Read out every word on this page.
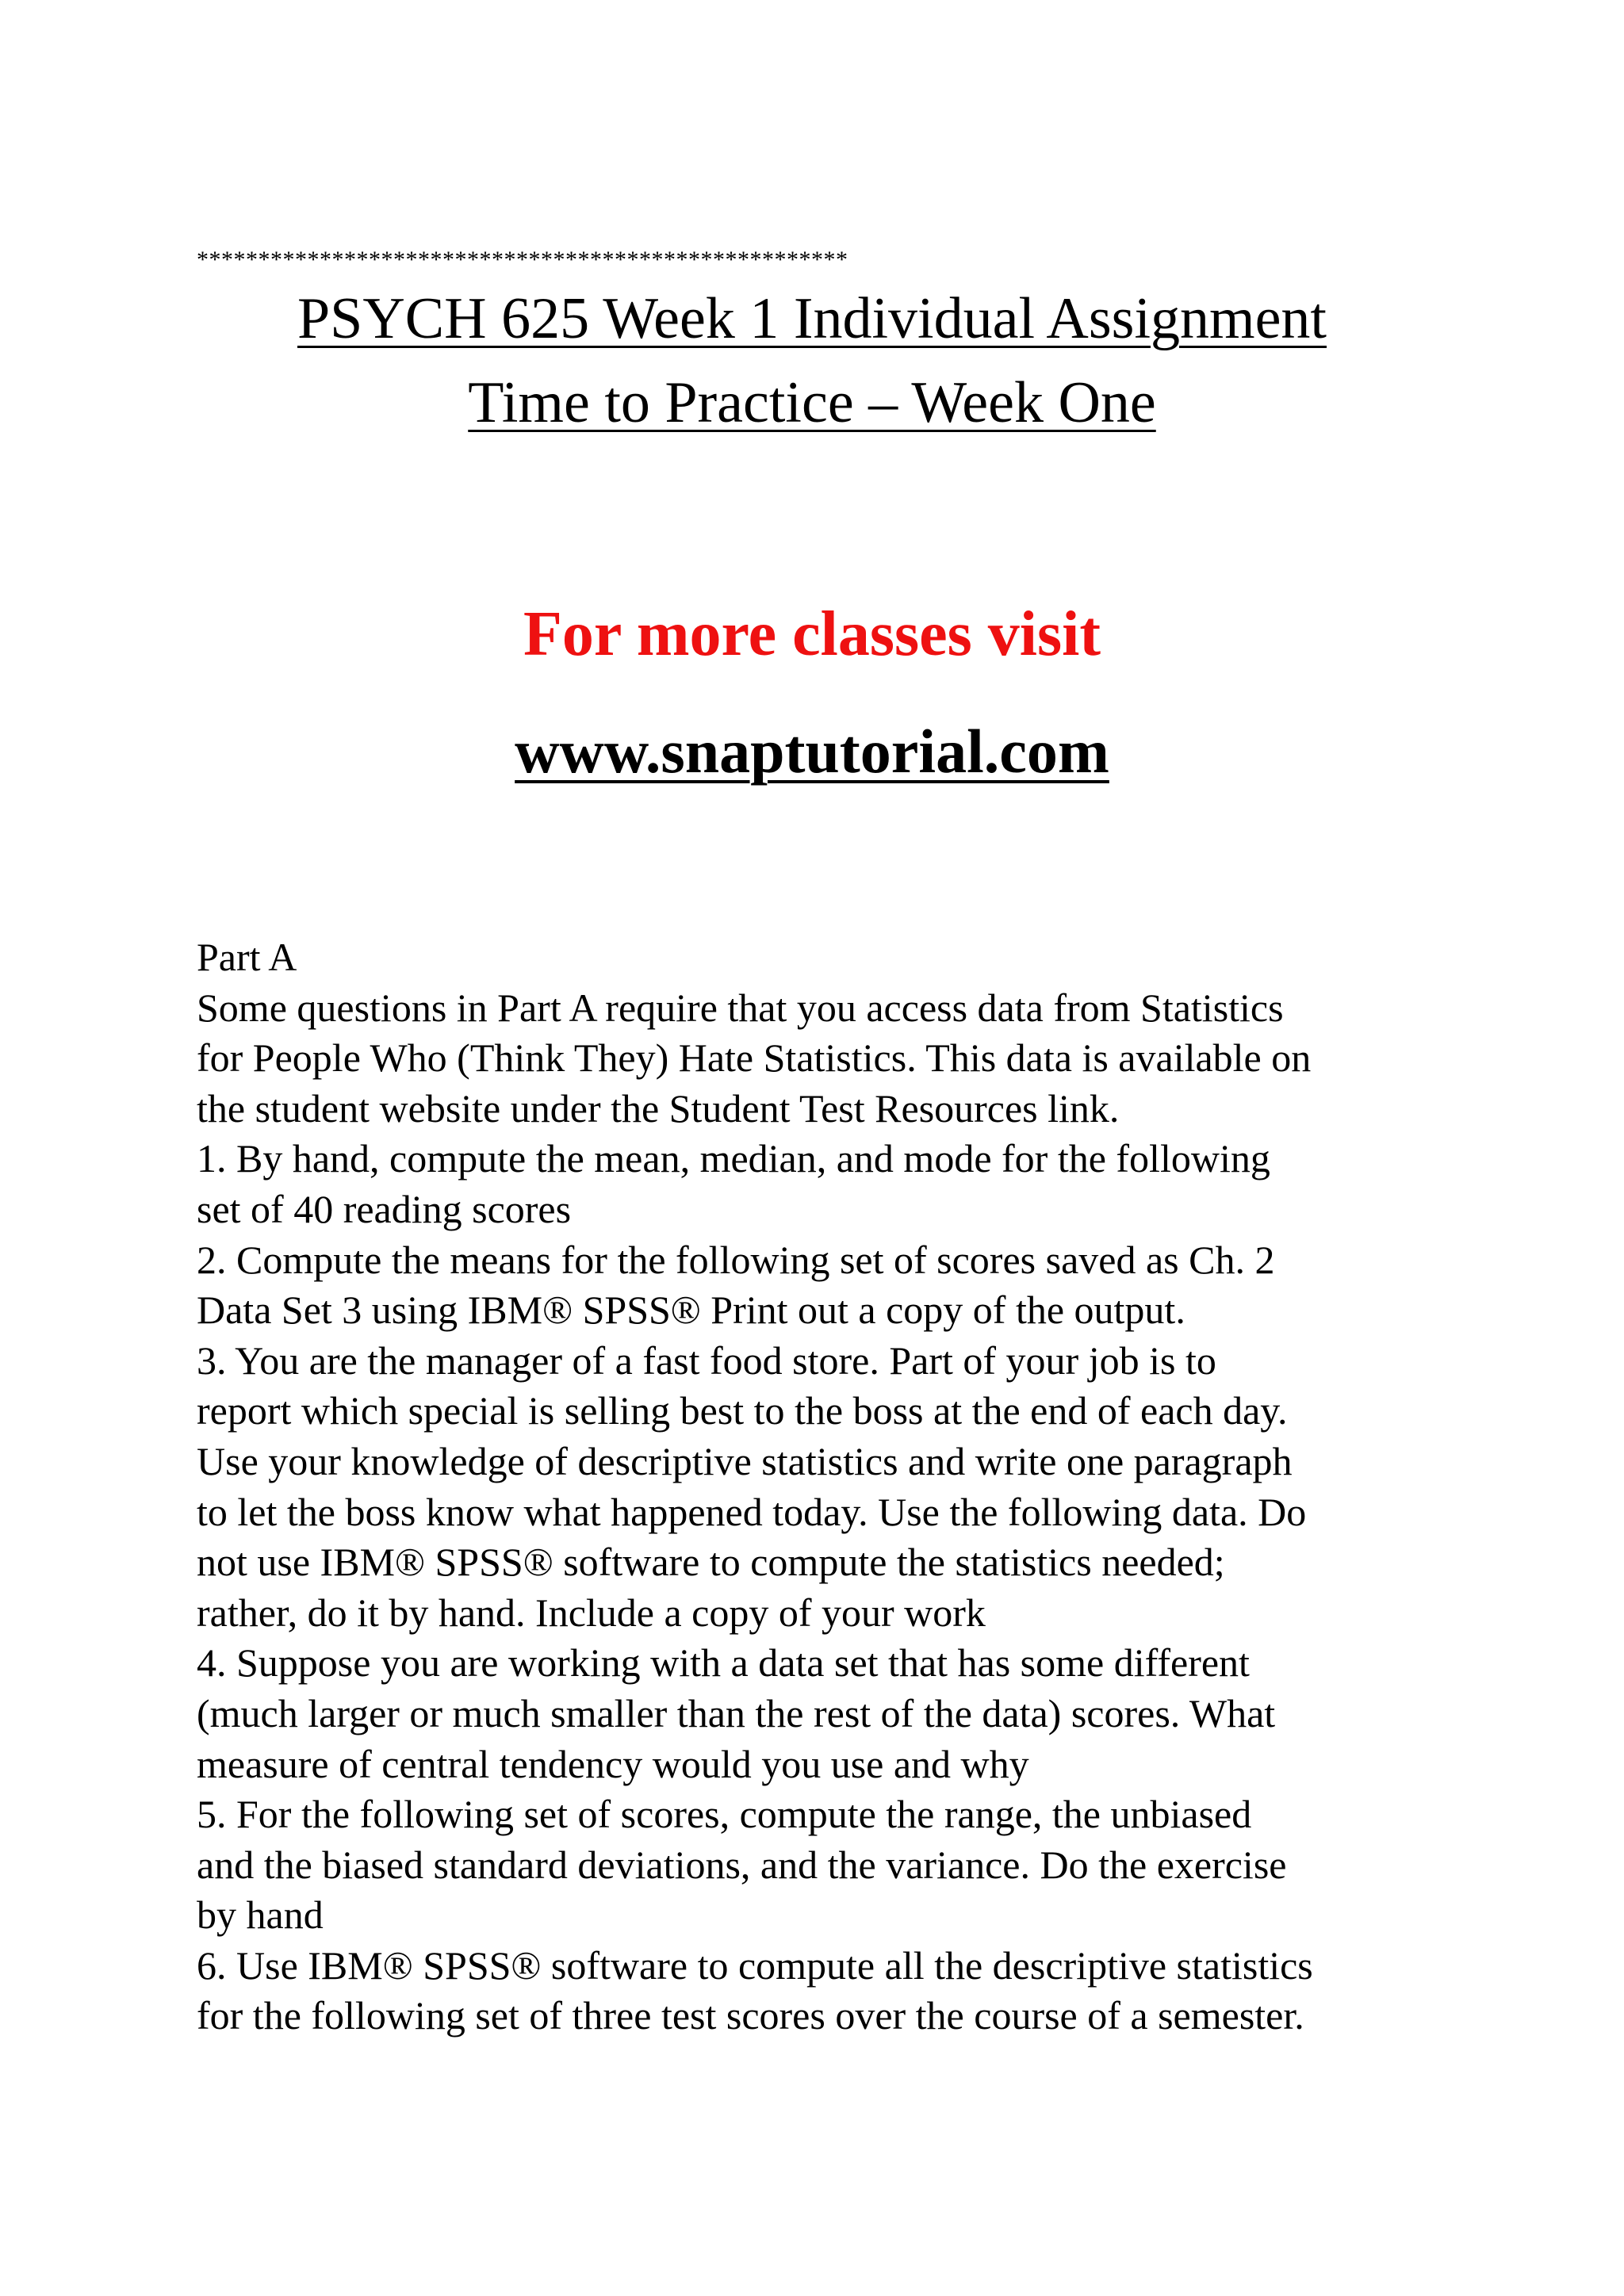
*****************************************************
PSYCH 625 Week 1 Individual Assignment
Time to Practice – Week One
For more classes visit
www.snaptutorial.com
Part A
Some questions in Part A require that you access data from Statistics
for People Who (Think They) Hate Statistics. This data is available on
the student website under the Student Test Resources link.
1. By hand, compute the mean, median, and mode for the following
set of 40 reading scores
2. Compute the means for the following set of scores saved as Ch. 2
Data Set 3 using IBM® SPSS® Print out a copy of the output.
3. You are the manager of a fast food store. Part of your job is to
report which special is selling best to the boss at the end of each day.
Use your knowledge of descriptive statistics and write one paragraph
to let the boss know what happened today. Use the following data. Do
not use IBM® SPSS® software to compute the statistics needed;
rather, do it by hand. Include a copy of your work
4. Suppose you are working with a data set that has some different
(much larger or much smaller than the rest of the data) scores. What
measure of central tendency would you use and why
5. For the following set of scores, compute the range, the unbiased
and the biased standard deviations, and the variance. Do the exercise
by hand
6. Use IBM® SPSS® software to compute all the descriptive statistics
for the following set of three test scores over the course of a semester.
